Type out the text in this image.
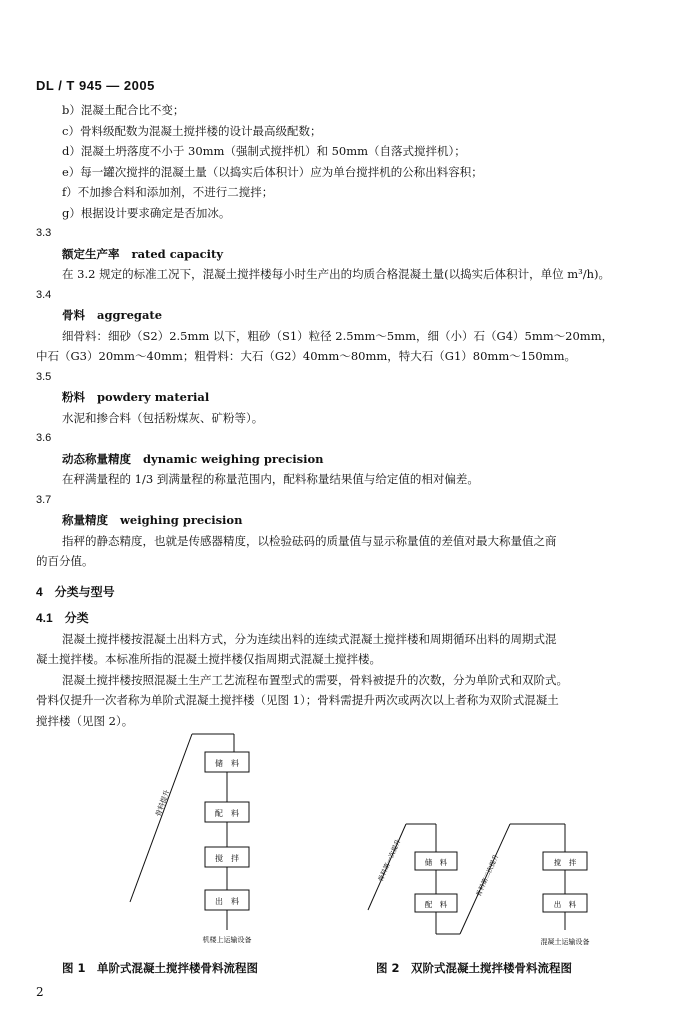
DL / T 945 — 2005
b）混凝土配合比不变；
c）骨料级配数为混凝土搅拌楼的设计最高级配数；
d）混凝土坍落度不小于 30mm（强制式搅拌机）和 50mm（自落式搅拌机）；
e）每一罐次搅拌的混凝土量（以捣实后体积计）应为单台搅拌机的公称出料容积；
f）不加掺合料和添加剂，不进行二搅拌；
g）根据设计要求确定是否加冰。
3.3
额定生产率 rated capacity
在 3.2 规定的标准工况下，混凝土搅拌楼每小时生产出的均质合格混凝土量(以捣实后体积计，单位 m³/h)。
3.4
骨料 aggregate
细骨料：细砂（S2）2.5mm 以下，粗砂（S1）粒径 2.5mm～5mm，细（小）石（G4）5mm～20mm，
中石（G3）20mm～40mm；粗骨料：大石（G2）40mm～80mm，特大石（G1）80mm～150mm。
3.5
粉料 powdery material
水泥和掺合料（包括粉煤灰、矿粉等）。
3.6
动态称量精度 dynamic weighing precision
在秤满量程的 1/3 到满量程的称量范围内，配料称量结果值与给定值的相对偏差。
3.7
称量精度 weighing precision
指秤的静态精度，也就是传感器精度，以检验砝码的质量值与显示称量值的差值对最大称量值之商
的百分值。
4　分类与型号
4.1　分类
混凝土搅拌楼按混凝土出料方式，分为连续出料的连续式混凝土搅拌楼和周期循环出料的周期式混
凝土搅拌楼。本标准所指的混凝土搅拌楼仅指周期式混凝土搅拌楼。
混凝土搅拌楼按照混凝土生产工艺流程布置型式的需要，骨料被提升的次数，分为单阶式和双阶式。
骨料仅提升一次者称为单阶式混凝土搅拌楼（见图 1）；骨料需提升两次或两次以上者称为双阶式混凝土
搅拌楼（见图 2）。
骨料提升
储　料
配　料
搅　拌
出　料
机楼上运输设备
图 1　单阶式混凝土搅拌楼骨料流程图
骨料第一次提升	储　料
配　料
骨料第二次提升	搅　拌
出　料
混凝土运输设备
图 2　双阶式混凝土搅拌楼骨料流程图
2
